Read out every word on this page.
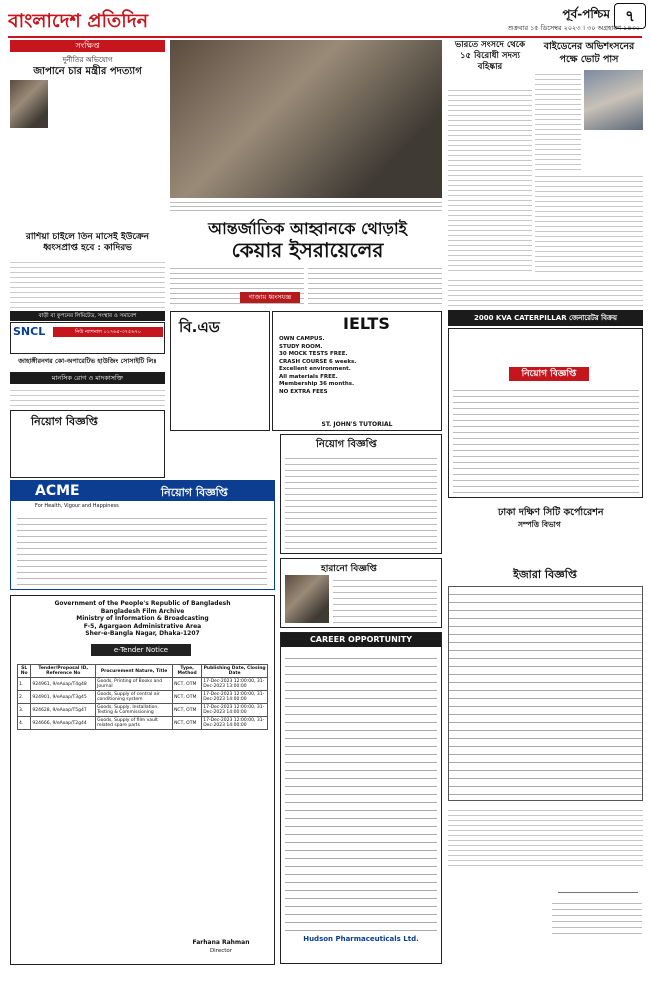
বাংলাদেশ প্রতিদিন	পূর্ব-পশ্চিম	৭
শুক্রবার ১৫ ডিসেম্বর ২০২৩ । ৩০ অগ্রহায়ণ ১৪৩০
সংক্ষিপ্ত
দুর্নীতির অভিযোগ
জাপানে চার মন্ত্রীর পদত্যাগ

রাশিয়া চাইলে তিন মাসেই ইউক্রেন ধ্বংসপ্রাপ্ত হবে : কাদিরভ
আন্তর্জাতিক আহ্বানকে থোড়াই
কেয়ার ইসরায়েলের
গাজায় ধ্বংসযজ্ঞ
ভারতে সংসদে থেকে ১৫ বিরোধী সদস্য বহিষ্কার
বাইডেনের অভিশংসনের পক্ষে ভোট পাস
বাড়ী বা কুপনের লিমিটেড, সংস্থার ও সমাবেশ
SNCL	নিউ ন্যাশনাল ০১৭৬৫-৩৭৫৬৭০
জাহাঙ্গীরনগর কো-অপারেটিভ হাউজিং সোসাইটি লিঃ
মানসিক রোগ ও মাদকাসক্তি
নিয়োগ বিজ্ঞপ্তি
বি.এড	IELTS
OWN CAMPUS.
STUDY ROOM.
30 MOCK TESTS FREE.
CRASH COURSE 6 weeks.
Excellent environment.
All materials FREE.
Membership 36 months.
NO EXTRA FEES
ST. JOHN'S TUTORIAL
2000 KVA CATERPILLAR জেনারেটর বিক্রয়
নিয়োগ বিজ্ঞপ্তি
ACME	নিয়োগ বিজ্ঞপ্তি
For Health, Vigour and Happiness
নিয়োগ বিজ্ঞপ্তি
হারানো বিজ্ঞপ্তি
ঢাকা দক্ষিণ সিটি কর্পোরেশন
সম্পত্তি বিভাগ
ইজারা বিজ্ঞপ্তি
Government of the People's Republic of Bangladesh
Bangladesh Film Archive
Ministry of Information & Broadcasting
F-5, Agargaon Administrative Area
Sher-e-Bangla Nagar, Dhaka-1207
e-Tender Notice
SL No	Tender/Proposal ID, Reference No	Procurement Nature, Title	Type, Method	Publishing Date, Closing Date
1.	924961, 9/eAoap/T4g48	Goods, Printing of Books and Journal	NCT, OTM	17-Dec-2023 12:00:00, 31-Dec-2023 13:00:00
2.	924901, 9/eAoap/T3g45	Goods, Supply of central air conditioning system	NCT, OTM	17-Dec-2023 12:00:00, 31-Dec-2023 14:00:00
3.	924628, 9/eAoap/T5g47	Goods, Supply, Installation, Testing & Commissioning	NCT, OTM	17-Dec-2023 12:00:00, 31-Dec-2023 14:00:00
4.	924666, 9/eAoap/T2g44	Goods, Supply of film vault related spare parts	NCT, OTM	17-Dec-2023 12:00:00, 31-Dec-2023 14:00:00
Farhana Rahman
Director
CAREER OPPORTUNITY
Hudson Pharmaceuticals Ltd.
